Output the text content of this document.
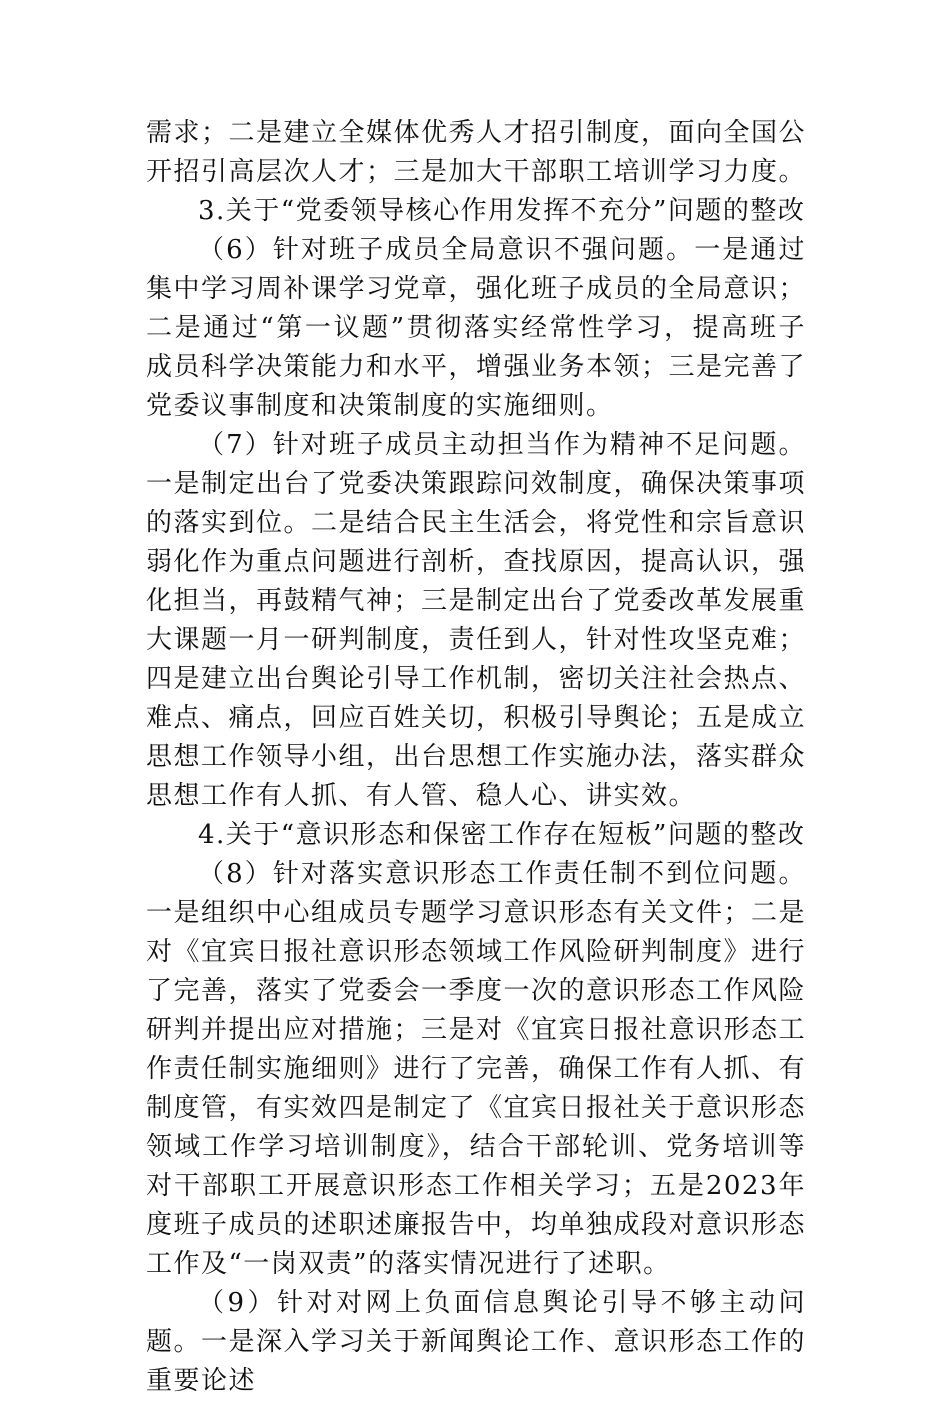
需求；二是建立全媒体优秀人才招引制度，面向全国公开招引高层次人才；三是加大干部职工培训学习力度。

3.关于“党委领导核心作用发挥不充分”问题的整改

（6）针对班子成员全局意识不强问题。一是通过集中学习周补课学习党章，强化班子成员的全局意识；二是通过“第一议题”贯彻落实经常性学习，提高班子成员科学决策能力和水平，增强业务本领；三是完善了党委议事制度和决策制度的实施细则。

（7）针对班子成员主动担当作为精神不足问题。一是制定出台了党委决策跟踪问效制度，确保决策事项的落实到位。二是结合民主生活会，将党性和宗旨意识弱化作为重点问题进行剖析，查找原因，提高认识，强化担当，再鼓精气神；三是制定出台了党委改革发展重大课题一月一研判制度，责任到人，针对性攻坚克难；四是建立出台舆论引导工作机制，密切关注社会热点、难点、痛点，回应百姓关切，积极引导舆论；五是成立思想工作领导小组，出台思想工作实施办法，落实群众思想工作有人抓、有人管、稳人心、讲实效。

4.关于“意识形态和保密工作存在短板”问题的整改

（8）针对落实意识形态工作责任制不到位问题。一是组织中心组成员专题学习意识形态有关文件；二是对《宜宾日报社意识形态领域工作风险研判制度》进行了完善，落实了党委会一季度一次的意识形态工作风险研判并提出应对措施；三是对《宜宾日报社意识形态工作责任制实施细则》进行了完善，确保工作有人抓、有制度管，有实效四是制定了《宜宾日报社关于意识形态领域工作学习培训制度》，结合干部轮训、党务培训等对干部职工开展意识形态工作相关学习；五是2023年度班子成员的述职述廉报告中，均单独成段对意识形态工作及“一岗双责”的落实情况进行了述职。

（9）针对对网上负面信息舆论引导不够主动问题。一是深入学习关于新闻舆论工作、意识形态工作的重要论述
